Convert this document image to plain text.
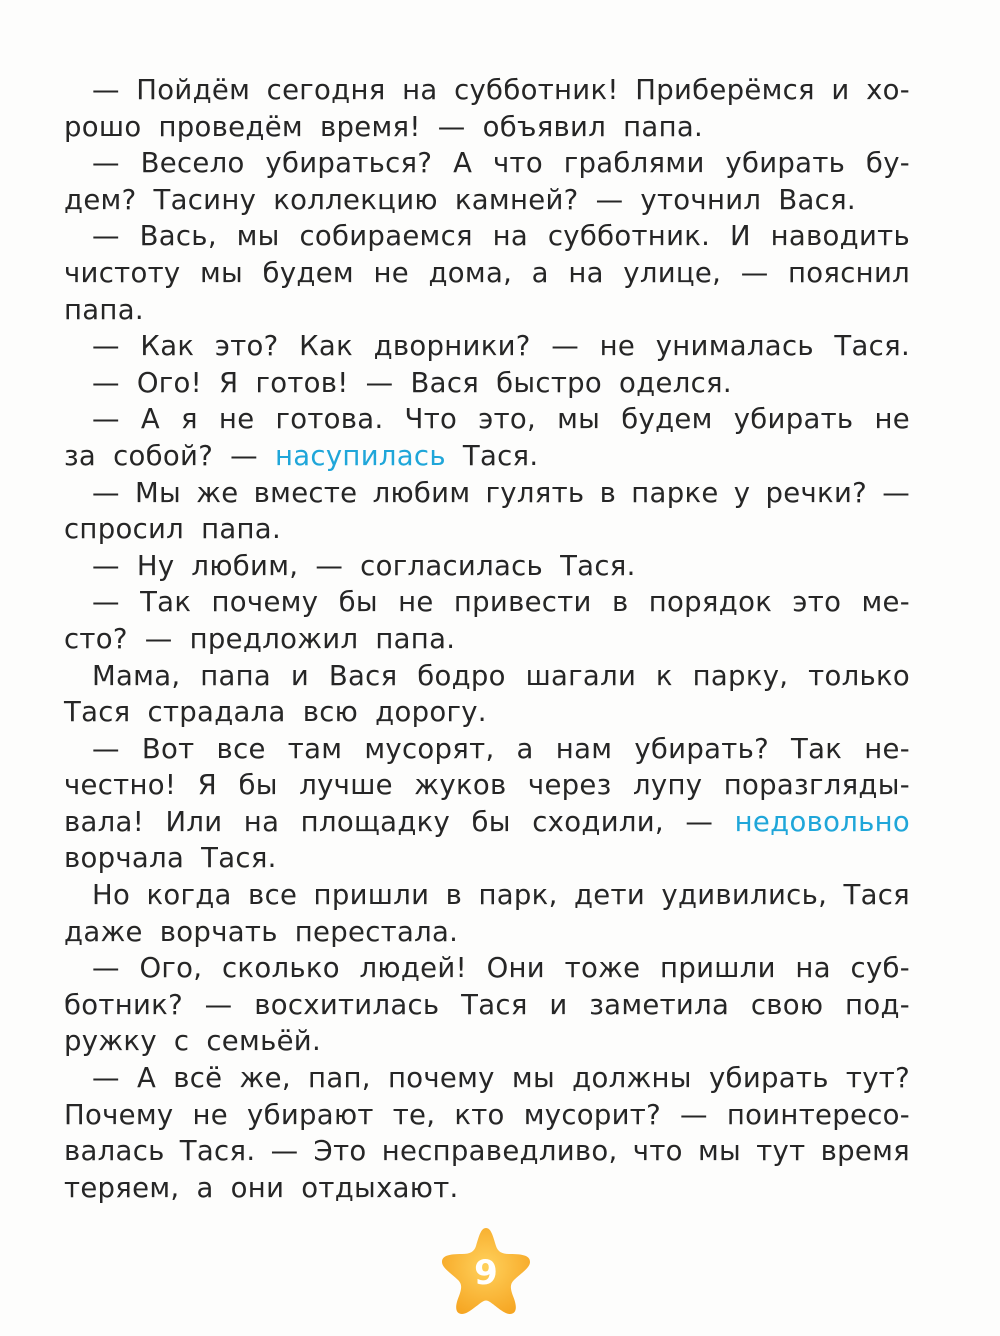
— Пойдём сегодня на субботник! Приберёмся и хо-
рошо проведём время! — объявил папа.
— Весело убираться? А что граблями убирать бу-
дем? Тасину коллекцию камней? — уточнил Вася.
— Вась, мы собираемся на субботник. И наводить
чистоту мы будем не дома, а на улице, — пояснил
папа.
— Как это? Как дворники? — не унималась Тася.
— Ого! Я готов! — Вася быстро оделся.
— А я не готова. Что это, мы будем убирать не
за собой? — насупилась Тася.
— Мы же вместе любим гулять в парке у речки? —
спросил папа.
— Ну любим, — согласилась Тася.
— Так почему бы не привести в порядок это ме-
сто? — предложил папа.
Мама, папа и Вася бодро шагали к парку, только
Тася страдала всю дорогу.
— Вот все там мусорят, а нам убирать? Так не-
честно! Я бы лучше жуков через лупу поразгляды-
вала! Или на площадку бы сходили, — недовольно
ворчала Тася.
Но когда все пришли в парк, дети удивились, Тася
даже ворчать перестала.
— Ого, сколько людей! Они тоже пришли на суб-
ботник? — восхитилась Тася и заметила свою под-
ружку с семьёй.
— А всё же, пап, почему мы должны убирать тут?
Почему не убирают те, кто мусорит? — поинтересо-
валась Тася. — Это несправедливо, что мы тут время
теряем, а они отдыхают.
9
